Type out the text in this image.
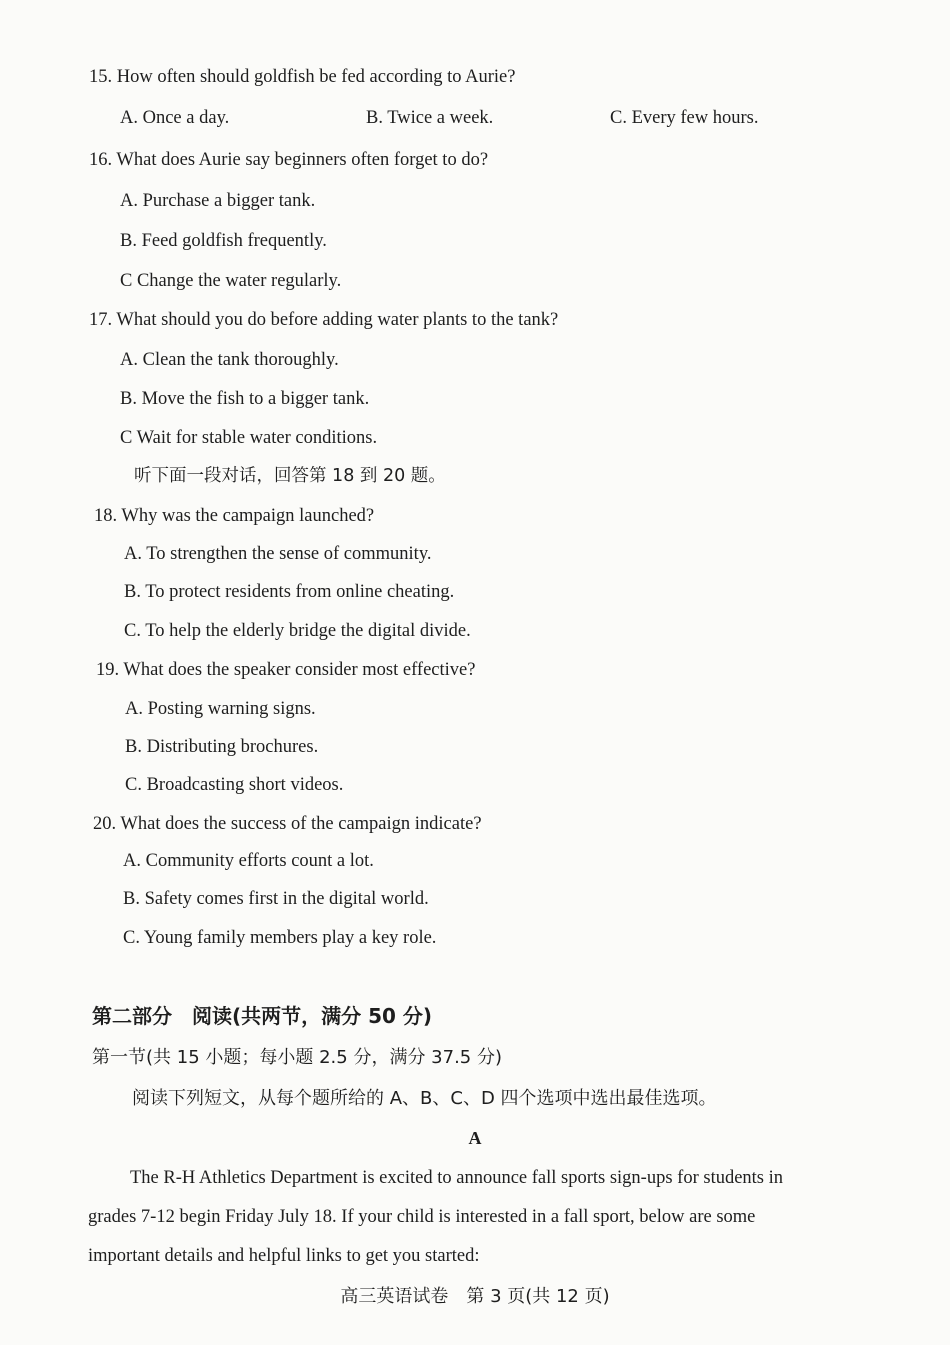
15. How often should goldfish be fed according to Aurie?
A. Once a day.	B. Twice a week.	C. Every few hours.
16. What does Aurie say beginners often forget to do?
A. Purchase a bigger tank.
B. Feed goldfish frequently.
C Change the water regularly.
17. What should you do before adding water plants to the tank?
A. Clean the tank thoroughly.
B. Move the fish to a bigger tank.
C Wait for stable water conditions.
听下面一段对话，回答第 18 到 20 题。
18. Why was the campaign launched?
A. To strengthen the sense of community.
B. To protect residents from online cheating.
C. To help the elderly bridge the digital divide.
19. What does the speaker consider most effective?
A. Posting warning signs.
B. Distributing brochures.
C. Broadcasting short videos.
20. What does the success of the campaign indicate?
A. Community efforts count a lot.
B. Safety comes first in the digital world.
C. Young family members play a key role.
第二部分　阅读(共两节，满分 50 分)
第一节(共 15 小题；每小题 2.5 分，满分 37.5 分)
阅读下列短文，从每个题所给的 A、B、C、D 四个选项中选出最佳选项。
A
The R-H Athletics Department is excited to announce fall sports sign-ups for students in
grades 7-12 begin Friday July 18. If your child is interested in a fall sport, below are some
important details and helpful links to get you started:
高三英语试卷　第 3 页(共 12 页)
